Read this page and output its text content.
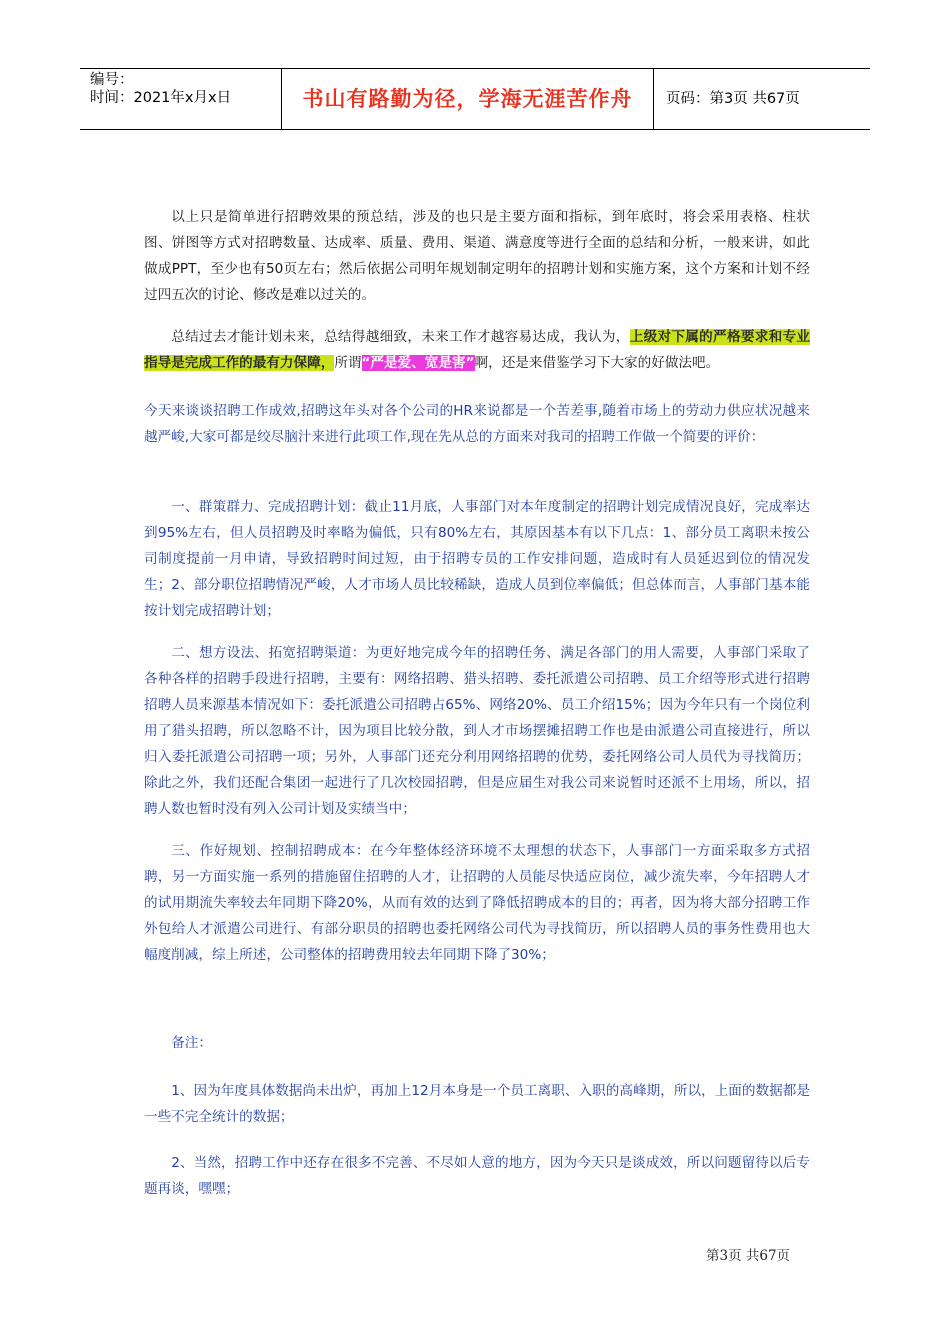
编号：
时间：2021年x月x日	书山有路勤为径，学海无涯苦作舟	页码：第3页 共67页

以上只是简单进行招聘效果的预总结，涉及的也只是主要方面和指标，到年底时，将会采用表格、柱状图、饼图等方式对招聘数量、达成率、质量、费用、渠道、满意度等进行全面的总结和分析，一般来讲，如此做成PPT，至少也有50页左右；然后依据公司明年规划制定明年的招聘计划和实施方案，这个方案和计划不经过四五次的讨论、修改是难以过关的。

总结过去才能计划未来，总结得越细致，未来工作才越容易达成，我认为，上级对下属的严格要求和专业指导是完成工作的最有力保障，所谓“严是爱、宽是害”啊，还是来借鉴学习下大家的好做法吧。

今天来谈谈招聘工作成效,招聘这年头对各个公司的HR来说都是一个苦差事,随着市场上的劳动力供应状况越来越严峻,大家可都是绞尽脑汁来进行此项工作,现在先从总的方面来对我司的招聘工作做一个简要的评价：

一、群策群力、完成招聘计划：截止11月底，人事部门对本年度制定的招聘计划完成情况良好，完成率达到95%左右，但人员招聘及时率略为偏低，只有80%左右，其原因基本有以下几点：1、部分员工离职未按公司制度提前一月申请，导致招聘时间过短，由于招聘专员的工作安排问题，造成时有人员延迟到位的情况发生；2、部分职位招聘情况严峻，人才市场人员比较稀缺，造成人员到位率偏低；但总体而言，人事部门基本能按计划完成招聘计划；

二、想方设法、拓宽招聘渠道：为更好地完成今年的招聘任务、满足各部门的用人需要，人事部门采取了各种各样的招聘手段进行招聘，主要有：网络招聘、猎头招聘、委托派遣公司招聘、员工介绍等形式进行招聘招聘人员来源基本情况如下：委托派遣公司招聘占65%、网络20%、员工介绍15%；因为今年只有一个岗位利用了猎头招聘，所以忽略不计，因为项目比较分散，到人才市场摆摊招聘工作也是由派遣公司直接进行，所以归入委托派遣公司招聘一项；另外，人事部门还充分利用网络招聘的优势，委托网络公司人员代为寻找简历；除此之外，我们还配合集团一起进行了几次校园招聘，但是应届生对我公司来说暂时还派不上用场，所以，招聘人数也暂时没有列入公司计划及实绩当中；

三、作好规划、控制招聘成本：在今年整体经济环境不太理想的状态下，人事部门一方面采取多方式招聘，另一方面实施一系列的措施留住招聘的人才，让招聘的人员能尽快适应岗位，减少流失率，今年招聘人才的试用期流失率较去年同期下降20%，从而有效的达到了降低招聘成本的目的；再者，因为将大部分招聘工作外包给人才派遣公司进行、有部分职员的招聘也委托网络公司代为寻找简历，所以招聘人员的事务性费用也大幅度削减，综上所述，公司整体的招聘费用较去年同期下降了30%；

备注：

1、因为年度具体数据尚未出炉，再加上12月本身是一个员工离职、入职的高峰期，所以，上面的数据都是一些不完全统计的数据；

2、当然，招聘工作中还存在很多不完善、不尽如人意的地方，因为今天只是谈成效，所以问题留待以后专题再谈，嘿嘿；

第3页 共67页
